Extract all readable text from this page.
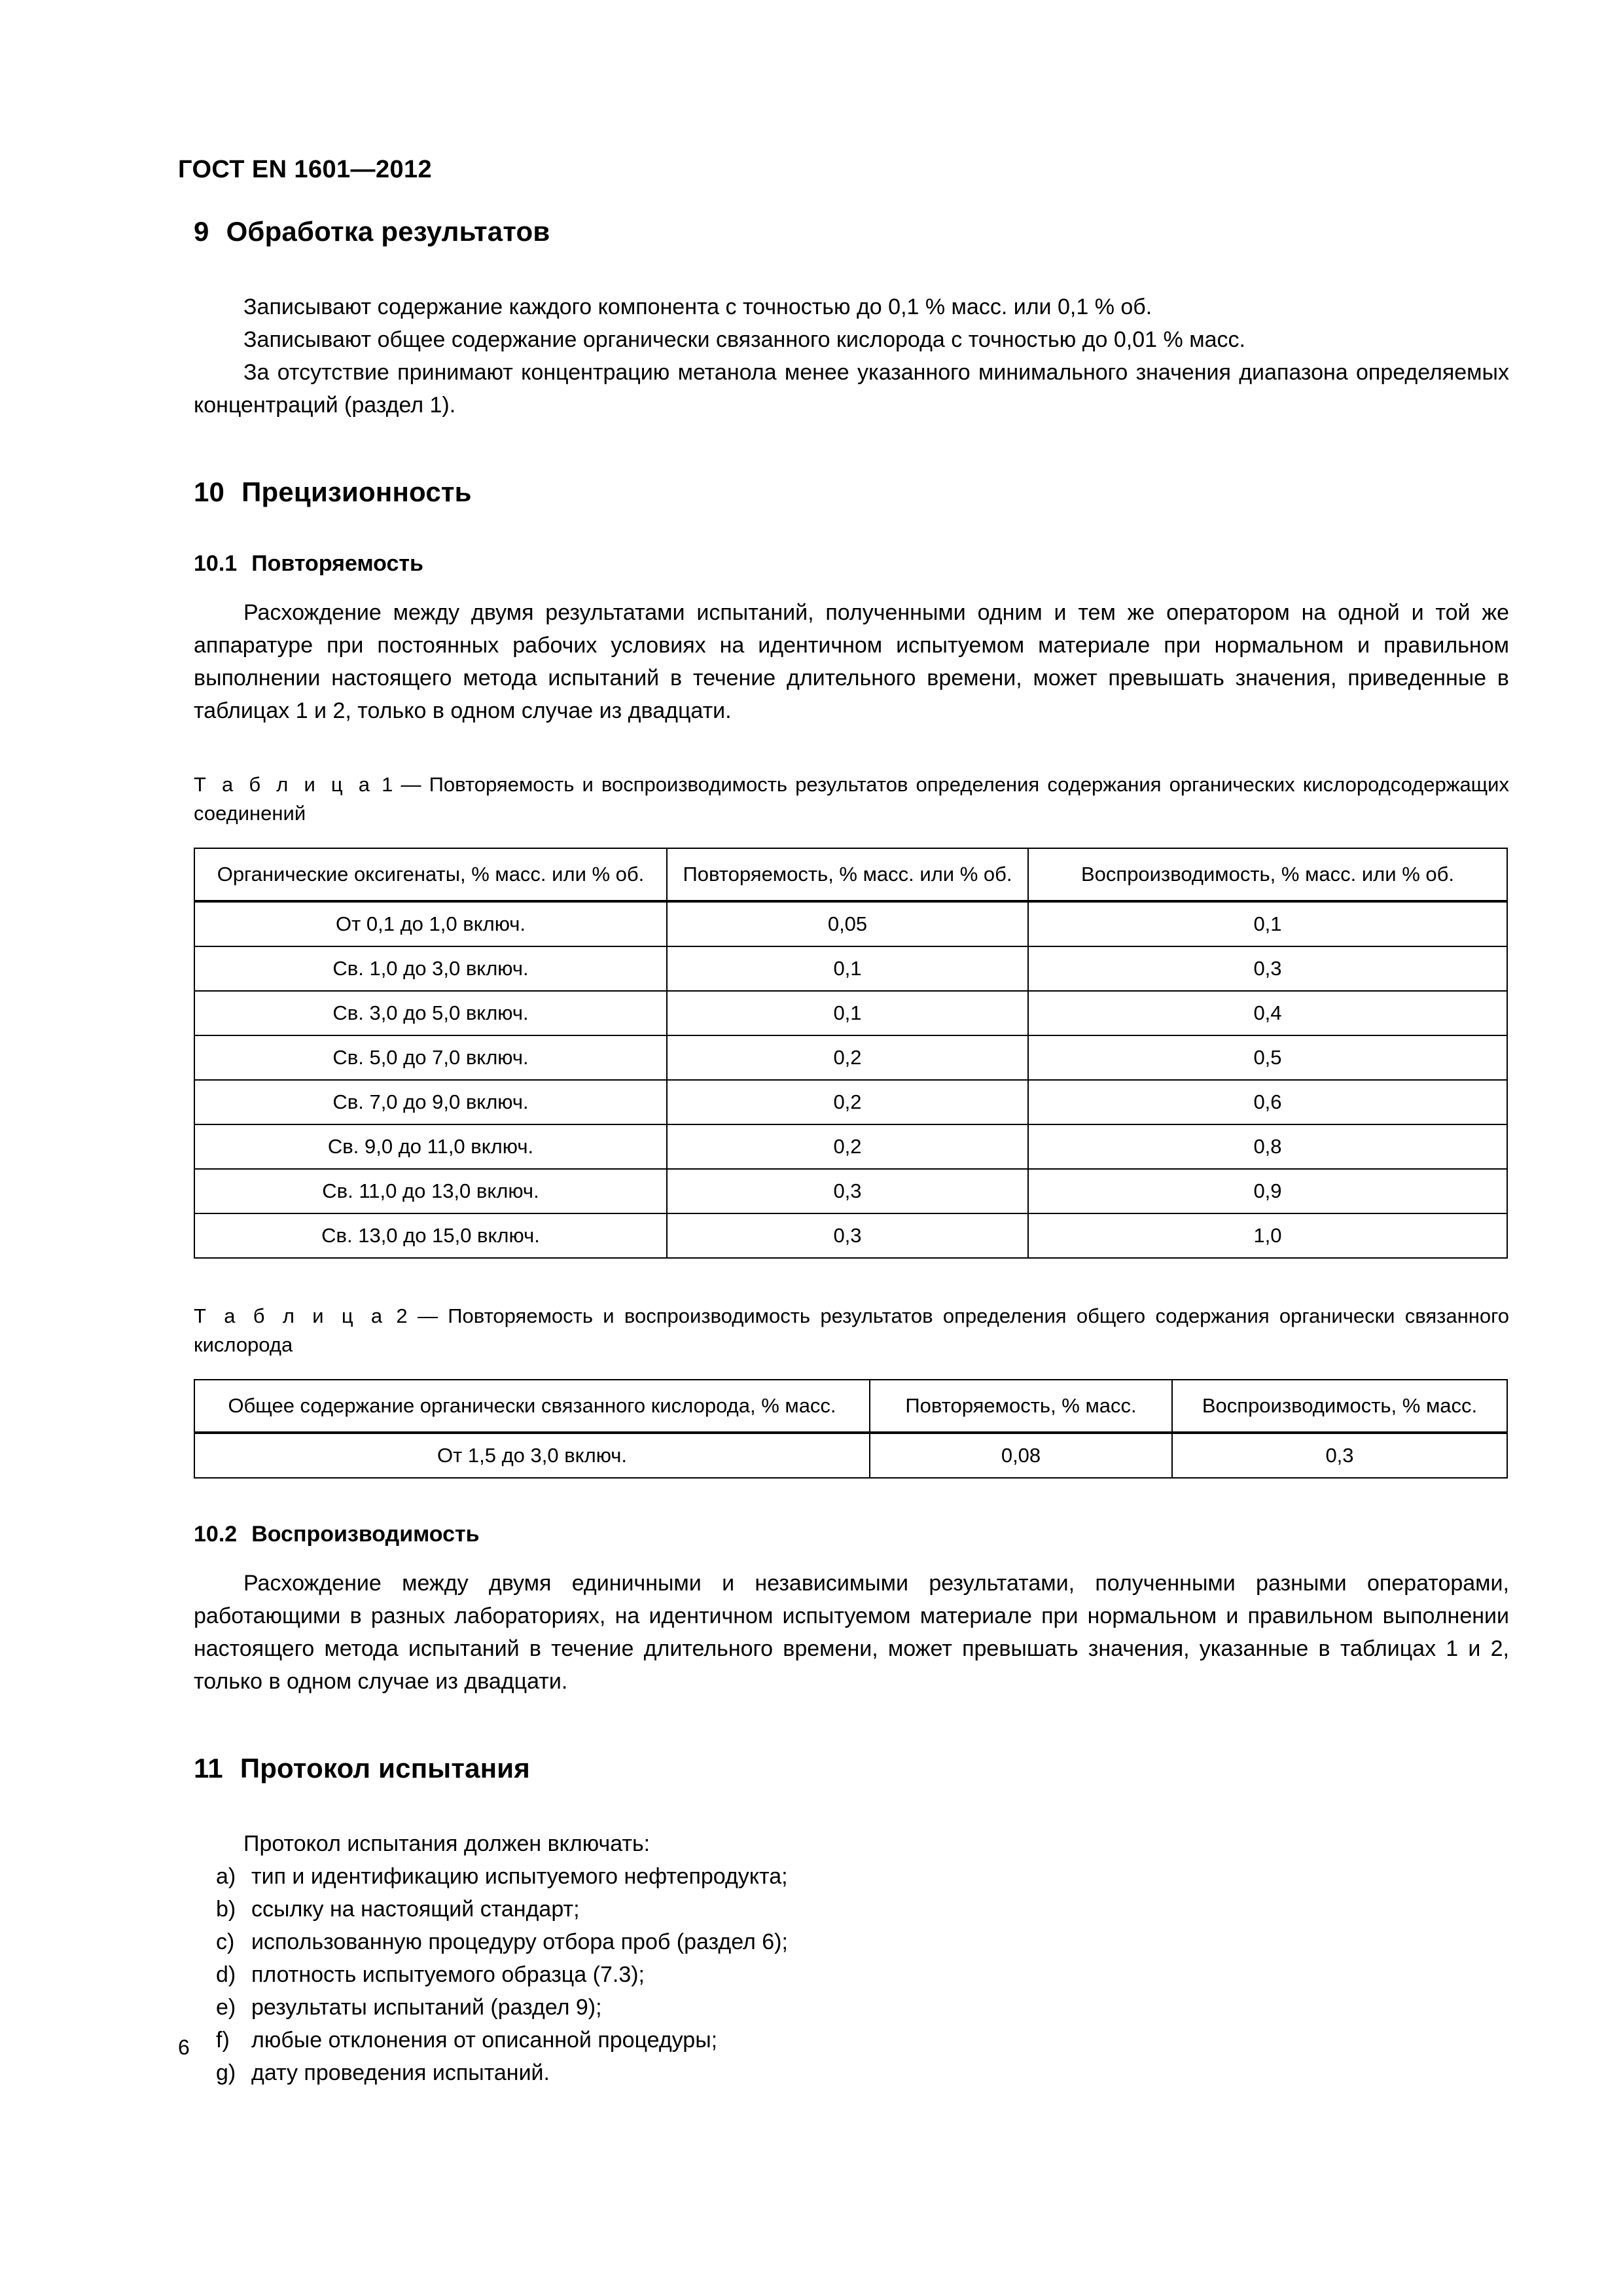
ГОСТ EN 1601—2012
9 Обработка результатов

Записывают содержание каждого компонента с точностью до 0,1 % масс. или 0,1 % об.

Записывают общее содержание органически связанного кислорода с точностью до 0,01 % масс.

За отсутствие принимают концентрацию метанола менее указанного минимального значения диапазона определяемых концентраций (раздел 1).

10 Прецизионность
10.1 Повторяемость

Расхождение между двумя результатами испытаний, полученными одним и тем же оператором на одной и той же аппаратуре при постоянных рабочих условиях на идентичном испытуемом материале при нормальном и правильном выполнении настоящего метода испытаний в течение длительного времени, может превышать значения, приведенные в таблицах 1 и 2, только в одном случае из двадцати.

Т а б л и ц а 1 — Повторяемость и воспроизводимость результатов определения содержания органических кислородсодержащих соединений

Органические оксигенаты, % масс. или % об.	Повторяемость, % масс. или % об.	Воспроизводимость, % масс. или % об.
От 0,1 до 1,0 включ.	0,05	0,1
Св. 1,0 до 3,0 включ.	0,1	0,3
Св. 3,0 до 5,0 включ.	0,1	0,4
Св. 5,0 до 7,0 включ.	0,2	0,5
Св. 7,0 до 9,0 включ.	0,2	0,6
Св. 9,0 до 11,0 включ.	0,2	0,8
Св. 11,0 до 13,0 включ.	0,3	0,9
Св. 13,0 до 15,0 включ.	0,3	1,0

Т а б л и ц а 2 — Повторяемость и воспроизводимость результатов определения общего содержания органически связанного кислорода

Общее содержание органически связанного кислорода, % масс.	Повторяемость, % масс.	Воспроизводимость, % масс.
От 1,5 до 3,0 включ.	0,08	0,3
10.2 Воспроизводимость

Расхождение между двумя единичными и независимыми результатами, полученными разными операторами, работающими в разных лабораториях, на идентичном испытуемом материале при нормальном и правильном выполнении настоящего метода испытаний в течение длительного времени, может превышать значения, указанные в таблицах 1 и 2, только в одном случае из двадцати.

11 Протокол испытания

Протокол испытания должен включать:

a) тип и идентификацию испытуемого нефтепродукта;
b) ссылку на настоящий стандарт;
c) использованную процедуру отбора проб (раздел 6);
d) плотность испытуемого образца (7.3);
e) результаты испытаний (раздел 9);
f) любые отклонения от описанной процедуры;
g) дату проведения испытаний.
6
